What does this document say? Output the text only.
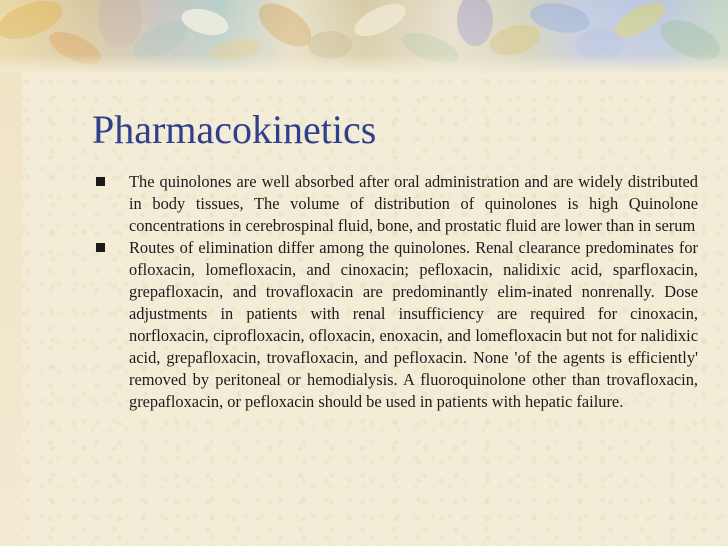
Pharmacokinetics
The quinolones are well absorbed after oral administration and are widely distributed in body tissues, The volume of distribution of quinolones is high Quinolone concentrations in cerebrospinal fluid, bone, and prostatic fluid are lower than in serum
Routes of elimination differ among the quinolones. Renal clearance predominates for ofloxacin, lomefloxacin, and cinoxacin; pefloxacin, nalidixic acid, sparfloxacin, grepafloxacin, and trovafloxacin are predominantly elim-inated nonrenally. Dose adjustments in patients with renal insufficiency are required for cinoxacin, norfloxacin, ciprofloxacin, ofloxacin, enoxacin, and lomefloxacin but not for nalidixic acid, grepafloxacin, trovafloxacin, and pefloxacin. None 'of the agents is efficiently' removed by peritoneal or hemodialysis. A fluoroquinolone other than trovafloxacin, grepafloxacin, or pefloxacin should be used in patients with hepatic failure.
